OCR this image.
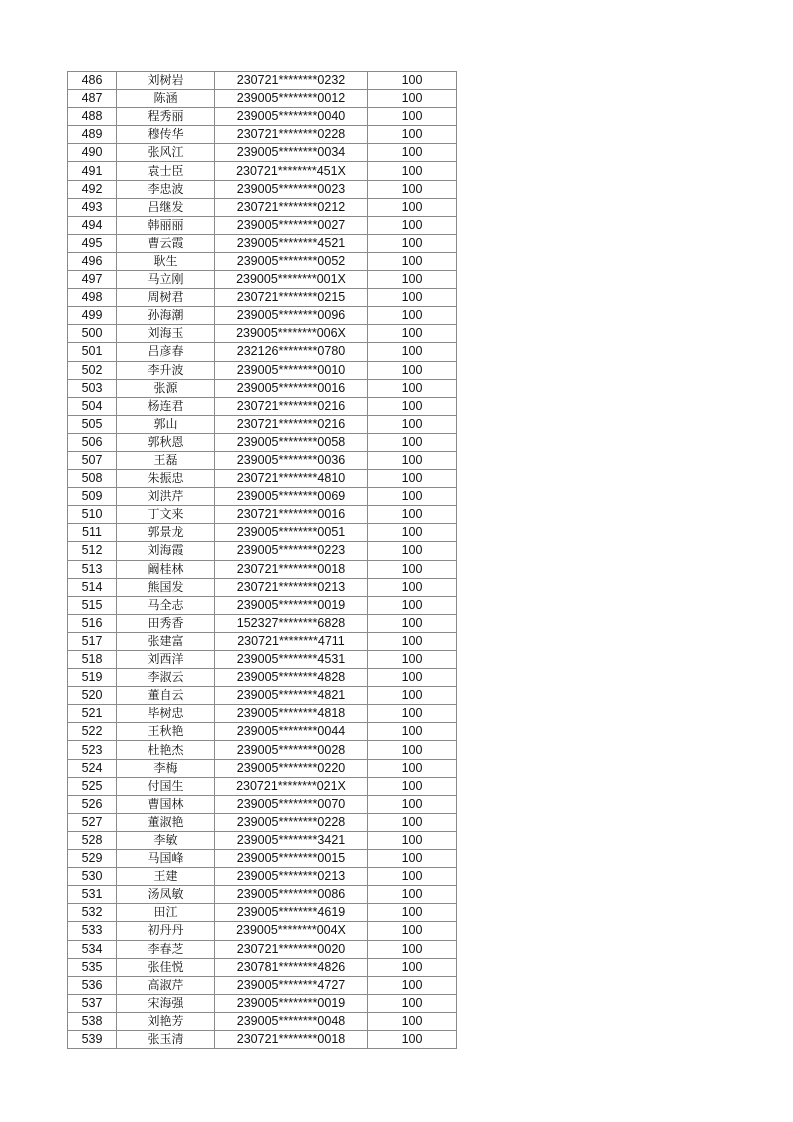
486	刘树岩	230721********0232	100
487	陈涵	239005********0012	100
488	程秀丽	239005********0040	100
489	穆传华	230721********0228	100
490	张风江	239005********0034	100
491	袁士臣	230721********451X	100
492	李忠波	239005********0023	100
493	吕继发	230721********0212	100
494	韩丽丽	239005********0027	100
495	曹云霞	239005********4521	100
496	耿生	239005********0052	100
497	马立刚	239005********001X	100
498	周树君	230721********0215	100
499	孙海潮	239005********0096	100
500	刘海玉	239005********006X	100
501	吕彦春	232126********0780	100
502	李升波	239005********0010	100
503	张源	239005********0016	100
504	杨连君	230721********0216	100
505	郭山	230721********0216	100
506	郭秋恩	239005********0058	100
507	王磊	239005********0036	100
508	朱振忠	230721********4810	100
509	刘洪芹	239005********0069	100
510	丁文来	230721********0016	100
511	郭景龙	239005********0051	100
512	刘海霞	239005********0223	100
513	阚桂林	230721********0018	100
514	熊国发	230721********0213	100
515	马全志	239005********0019	100
516	田秀香	152327********6828	100
517	张建富	230721********4711	100
518	刘西洋	239005********4531	100
519	李淑云	239005********4828	100
520	董自云	239005********4821	100
521	毕树忠	239005********4818	100
522	王秋艳	239005********0044	100
523	杜艳杰	239005********0028	100
524	李梅	239005********0220	100
525	付国生	230721********021X	100
526	曹国林	239005********0070	100
527	董淑艳	239005********0228	100
528	李敏	239005********3421	100
529	马国峰	239005********0015	100
530	王建	239005********0213	100
531	汤凤敏	239005********0086	100
532	田江	239005********4619	100
533	初丹丹	239005********004X	100
534	李春芝	230721********0020	100
535	张佳悦	230781********4826	100
536	高淑芹	239005********4727	100
537	宋海强	239005********0019	100
538	刘艳芳	239005********0048	100
539	张玉清	230721********0018	100
